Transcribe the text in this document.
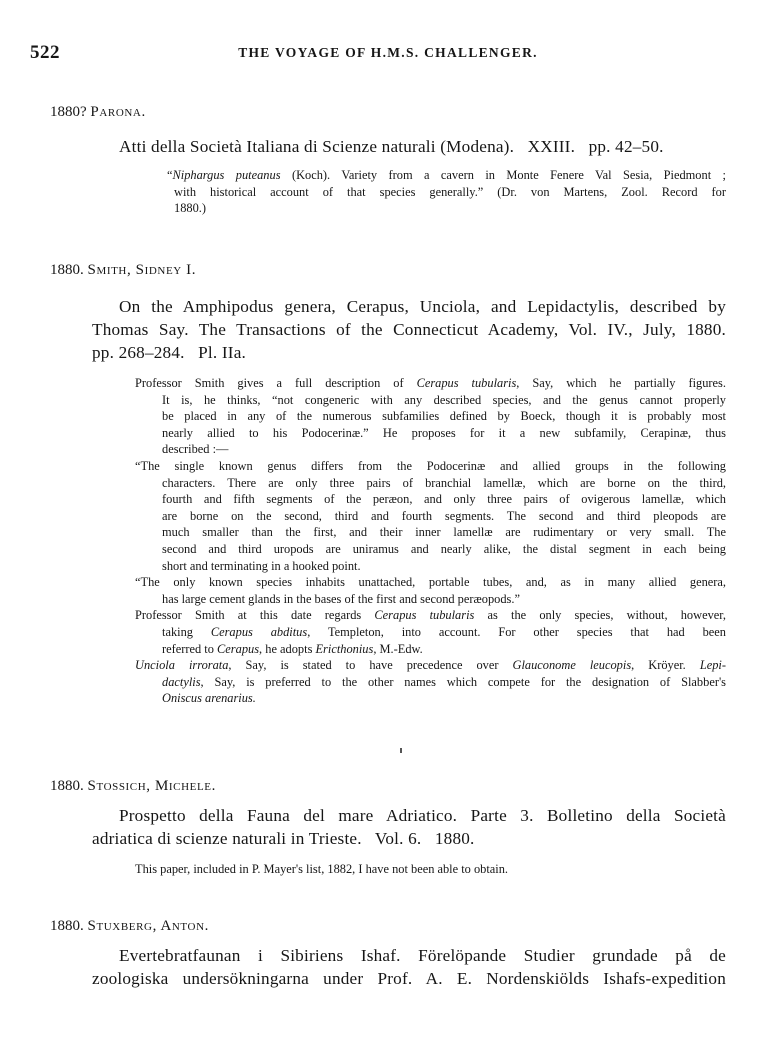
522	THE VOYAGE OF H.M.S. CHALLENGER.
1880? Parona.
Atti della Società Italiana di Scienze naturali (Modena).   XXIII.   pp. 42–50.
“Niphargus puteanus (Koch). Variety from a cavern in Monte Fenere Val Sesia, Piedmont ;
with historical account of that species generally.” (Dr. von Martens, Zool. Record for
1880.)
1880. Smith, Sidney I.
On the Amphipodus genera, Cerapus, Unciola, and Lepidactylis, described by
Thomas Say. The Transactions of the Connecticut Academy, Vol. IV., July, 1880.
pp. 268–284.   Pl. IIa.
Professor Smith gives a full description of Cerapus tubularis, Say, which he partially figures.
It is, he thinks, “not congeneric with any described species, and the genus cannot properly
be placed in any of the numerous subfamilies defined by Boeck, though it is probably most
nearly allied to his Podocerinæ.” He proposes for it a new subfamily, Cerapinæ, thus
described :—
“The single known genus differs from the Podocerinæ and allied groups in the following
characters. There are only three pairs of branchial lamellæ, which are borne on the third,
fourth and fifth segments of the peræon, and only three pairs of ovigerous lamellæ, which
are borne on the second, third and fourth segments. The second and third pleopods are
much smaller than the first, and their inner lamellæ are rudimentary or very small. The
second and third uropods are uniramus and nearly alike, the distal segment in each being
short and terminating in a hooked point.
“The only known species inhabits unattached, portable tubes, and, as in many allied genera,
has large cement glands in the bases of the first and second peræopods.”
Professor Smith at this date regards Cerapus tubularis as the only species, without, however,
taking Cerapus abditus, Templeton, into account. For other species that had been
referred to Cerapus, he adopts Ericthonius, M.-Edw.
Unciola irrorata, Say, is stated to have precedence over Glauconome leucopis, Kröyer. Lepi-
dactylis, Say, is preferred to the other names which compete for the designation of Slabber's
Oniscus arenarius.
1880. Stossich, Michele.
Prospetto della Fauna del mare Adriatico. Parte 3. Bolletino della Società
adriatica di scienze naturali in Trieste.   Vol. 6.   1880.
This paper, included in P. Mayer's list, 1882, I have not been able to obtain.
1880. Stuxberg, Anton.
Evertebratfaunan i Sibiriens Ishaf. Förelöpande Studier grundade på de
zoologiska undersökningarna under Prof. A. E. Nordenskiölds Ishafs-expedition
